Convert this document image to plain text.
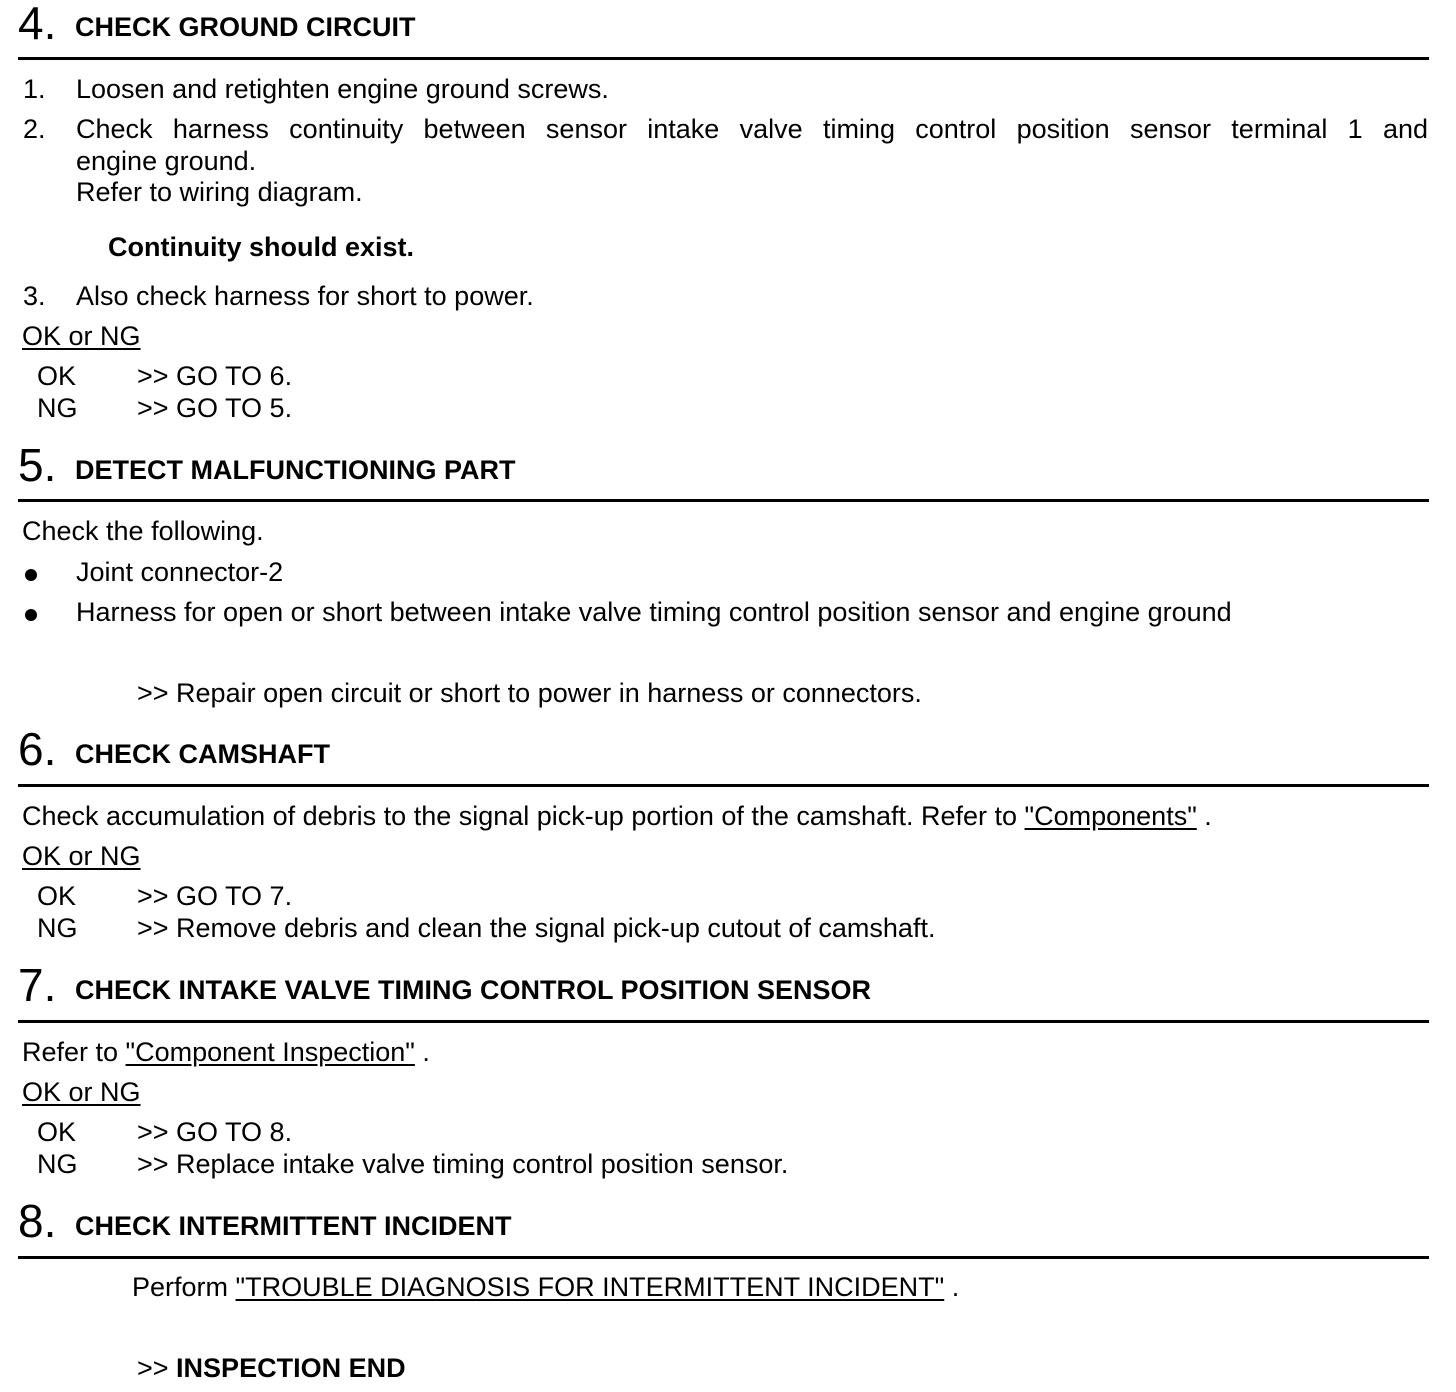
4. CHECK GROUND CIRCUIT
1. Loosen and retighten engine ground screws.
2. Check harness continuity between sensor intake valve timing control position sensor terminal 1 and
engine ground.
Refer to wiring diagram.
Continuity should exist.
3. Also check harness for short to power.
OK or NG
OK >> GO TO 6.
NG >> GO TO 5.
5. DETECT MALFUNCTIONING PART
Check the following.
Joint connector-2
Harness for open or short between intake valve timing control position sensor and engine ground
>> Repair open circuit or short to power in harness or connectors.
6. CHECK CAMSHAFT
Check accumulation of debris to the signal pick-up portion of the camshaft. Refer to "Components" .
OK or NG
OK >> GO TO 7.
NG >> Remove debris and clean the signal pick-up cutout of camshaft.
7. CHECK INTAKE VALVE TIMING CONTROL POSITION SENSOR
Refer to "Component Inspection" .
OK or NG
OK >> GO TO 8.
NG >> Replace intake valve timing control position sensor.
8. CHECK INTERMITTENT INCIDENT
Perform "TROUBLE DIAGNOSIS FOR INTERMITTENT INCIDENT" .
>> INSPECTION END
